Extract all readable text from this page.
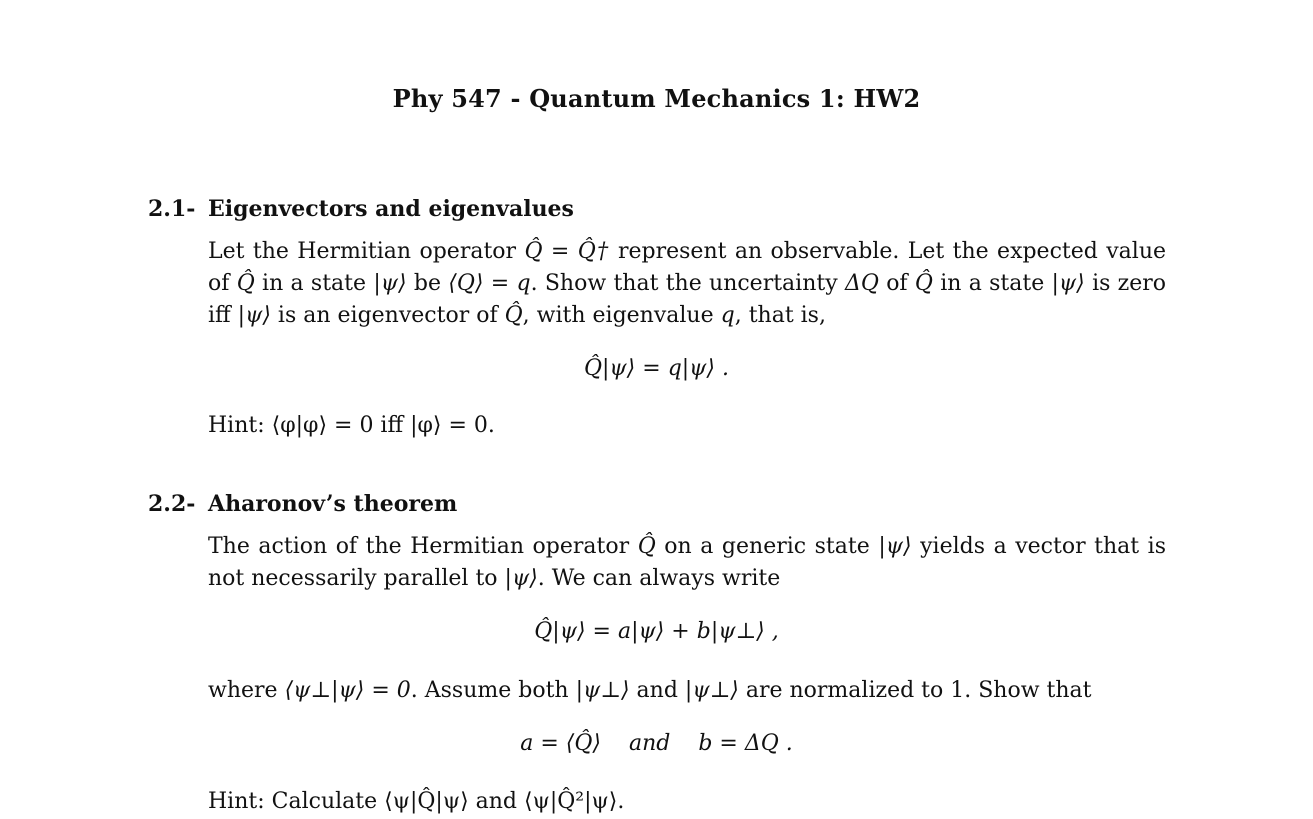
Phy 547 - Quantum Mechanics 1: HW2
2.1- Eigenvectors and eigenvalues
Let the Hermitian operator Q̂ = Q̂† represent an observable. Let the expected value of Q̂ in a state |ψ⟩ be ⟨Q⟩ = q. Show that the uncertainty ΔQ of Q̂ in a state |ψ⟩ is zero iff |ψ⟩ is an eigenvector of Q̂, with eigenvalue q, that is,
Q̂|ψ⟩ = q|ψ⟩ .
Hint: ⟨φ|φ⟩ = 0 iff |φ⟩ = 0.
2.2- Aharonov’s theorem
The action of the Hermitian operator Q̂ on a generic state |ψ⟩ yields a vector that is not necessarily parallel to |ψ⟩. We can always write
Q̂|ψ⟩ = a|ψ⟩ + b|ψ⊥⟩ ,
where ⟨ψ⊥|ψ⟩ = 0. Assume both |ψ⊥⟩ and |ψ⊥⟩ are normalized to 1. Show that
a = ⟨Q̂⟩    and    b = ΔQ .
Hint: Calculate ⟨ψ|Q̂|ψ⟩ and ⟨ψ|Q̂²|ψ⟩.
